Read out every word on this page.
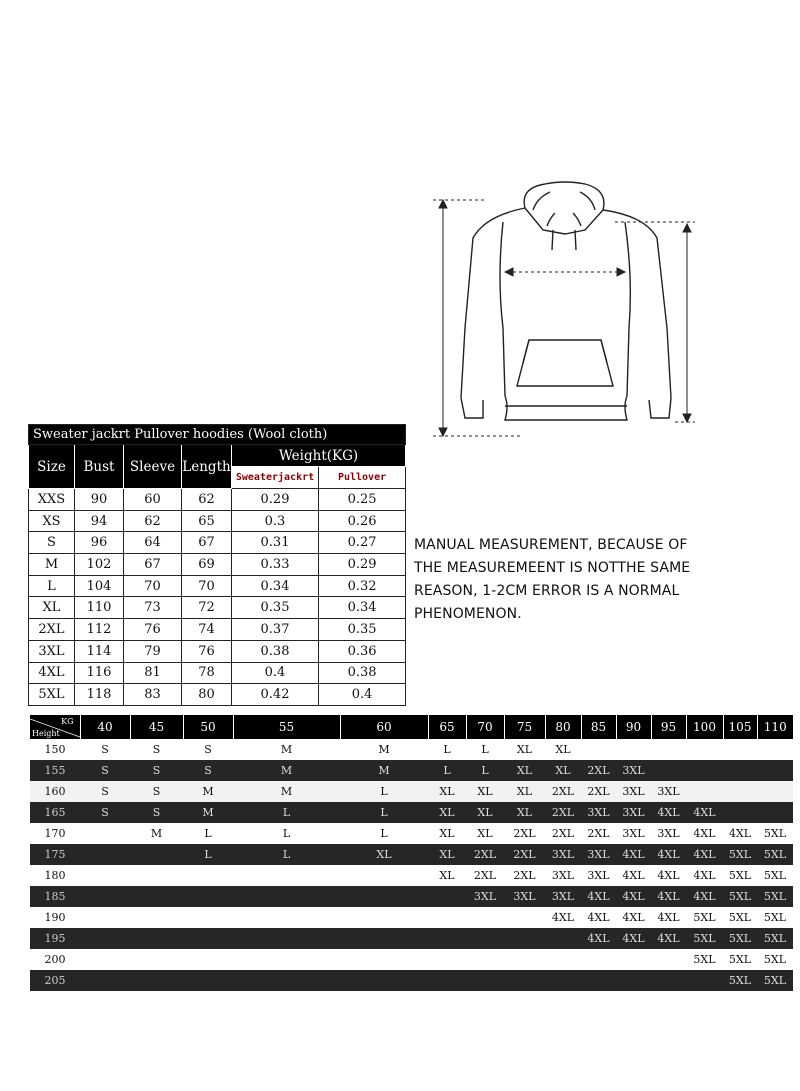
Sweater jackrt Pullover hoodies (Wool cloth)					
Size	Bust	Sleeve	Length	Weight(KG)	
				Sweaterjackrt	Pullover
XXS	90	60	62	0.29	0.25
XS	94	62	65	0.3	0.26
S	96	64	67	0.31	0.27
M	102	67	69	0.33	0.29
L	104	70	70	0.34	0.32
XL	110	73	72	0.35	0.34
2XL	112	76	74	0.37	0.35
3XL	114	79	76	0.38	0.36
4XL	116	81	78	0.4	0.38
5XL	118	83	80	0.42	0.4
MANUAL MEASUREMENT, BECAUSE OF
THE MEASUREMEENT IS NOTTHE SAME
REASON, 1-2CM ERROR IS A NORMAL
PHENOMENON.
KG
Height	40	45	50	55	60	65	70	75	80	85	90	95	100	105	110
150	S	S	S	M	M	L	L	XL	XL						
155	S	S	S	M	M	L	L	XL	XL	2XL	3XL				
160	S	S	M	M	L	XL	XL	XL	2XL	2XL	3XL	3XL			
165	S	S	M	L	L	XL	XL	XL	2XL	3XL	3XL	4XL	4XL		
170		M	L	L	L	XL	XL	2XL	2XL	2XL	3XL	3XL	4XL	4XL	5XL
175			L	L	XL	XL	2XL	2XL	3XL	3XL	4XL	4XL	4XL	5XL	5XL
180						XL	2XL	2XL	3XL	3XL	4XL	4XL	4XL	5XL	5XL
185							3XL	3XL	3XL	4XL	4XL	4XL	4XL	5XL	5XL
190									4XL	4XL	4XL	4XL	5XL	5XL	5XL
195										4XL	4XL	4XL	5XL	5XL	5XL
200													5XL	5XL	5XL
205														5XL	5XL
